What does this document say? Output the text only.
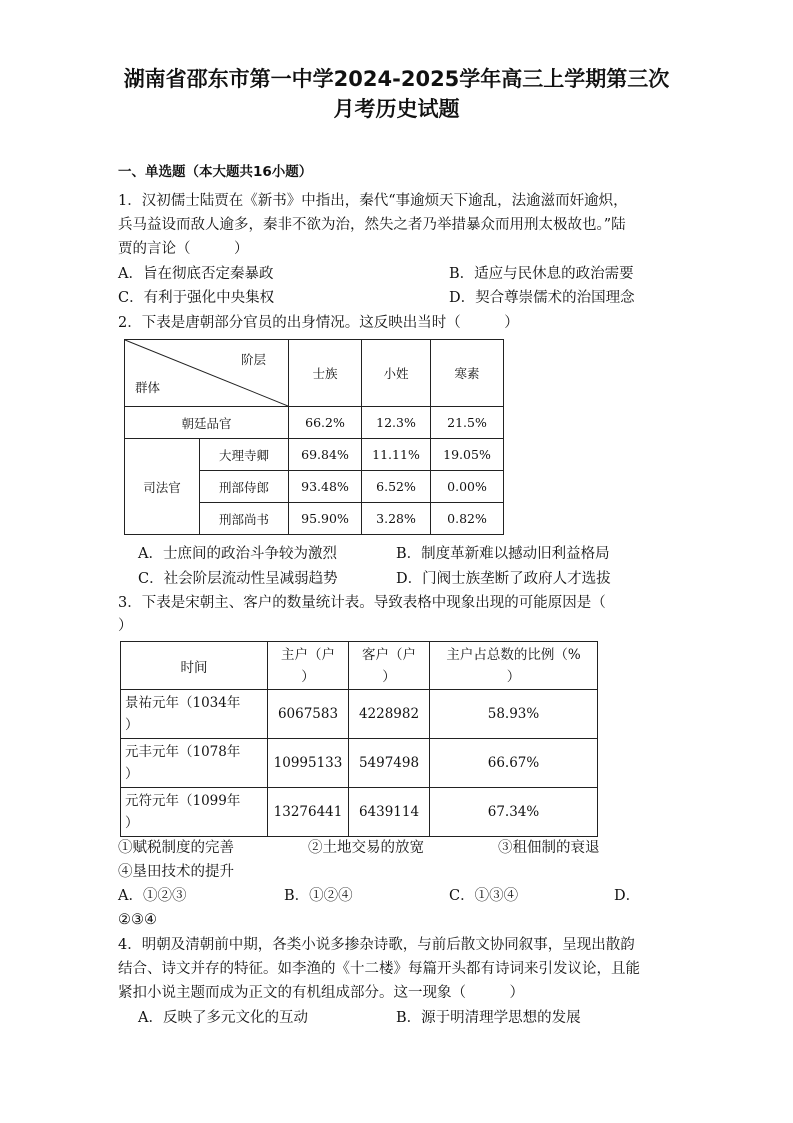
湖南省邵东市第一中学2024-2025学年高三上学期第三次
月考历史试题
一、单选题（本大题共16小题）
1．汉初儒士陆贾在《新书》中指出，秦代“事逾烦天下逾乱，法逾滋而奸逾炽，
兵马益设而敌人逾多，秦非不欲为治，然失之者乃举措暴众而用刑太极故也。”陆
贾的言论（　　　）
A．旨在彻底否定秦暴政	B．适应与民休息的政治需要
C．有利于强化中央集权	D．契合尊崇儒术的治国理念
2．下表是唐朝部分官员的出身情况。这反映出当时（　　　）
阶层
群体		士族	小姓	寒素
朝廷品官		66.2%	12.3%	21.5%
司法官	大理寺卿	69.84%	11.11%	19.05%
	刑部侍郎	93.48%	6.52%	0.00%
	刑部尚书	95.90%	3.28%	0.82%
A．士庶间的政治斗争较为激烈	B．制度革新难以撼动旧利益格局
C．社会阶层流动性呈减弱趋势	D．门阀士族垄断了政府人才选拔
3．下表是宋朝主、客户的数量统计表。导致表格中现象出现的可能原因是（
）
时间	主户（户
）	客户（户
）	主户占总数的比例（%
）
景祐元年（1034年
）	6067583	4228982	58.93%
元丰元年（1078年
）	10995133	5497498	66.67%
元符元年（1099年
）	13276441	6439114	67.34%
①赋税制度的完善	②土地交易的放宽	③租佃制的衰退
④垦田技术的提升
A．①②③	B．①②④	C．①③④	D．
②③④
4．明朝及清朝前中期，各类小说多掺杂诗歌，与前后散文协同叙事，呈现出散韵
结合、诗文并存的特征。如李渔的《十二楼》每篇开头都有诗词来引发议论，且能
紧扣小说主题而成为正文的有机组成部分。这一现象（　　　）
A．反映了多元文化的互动	B．源于明清理学思想的发展
